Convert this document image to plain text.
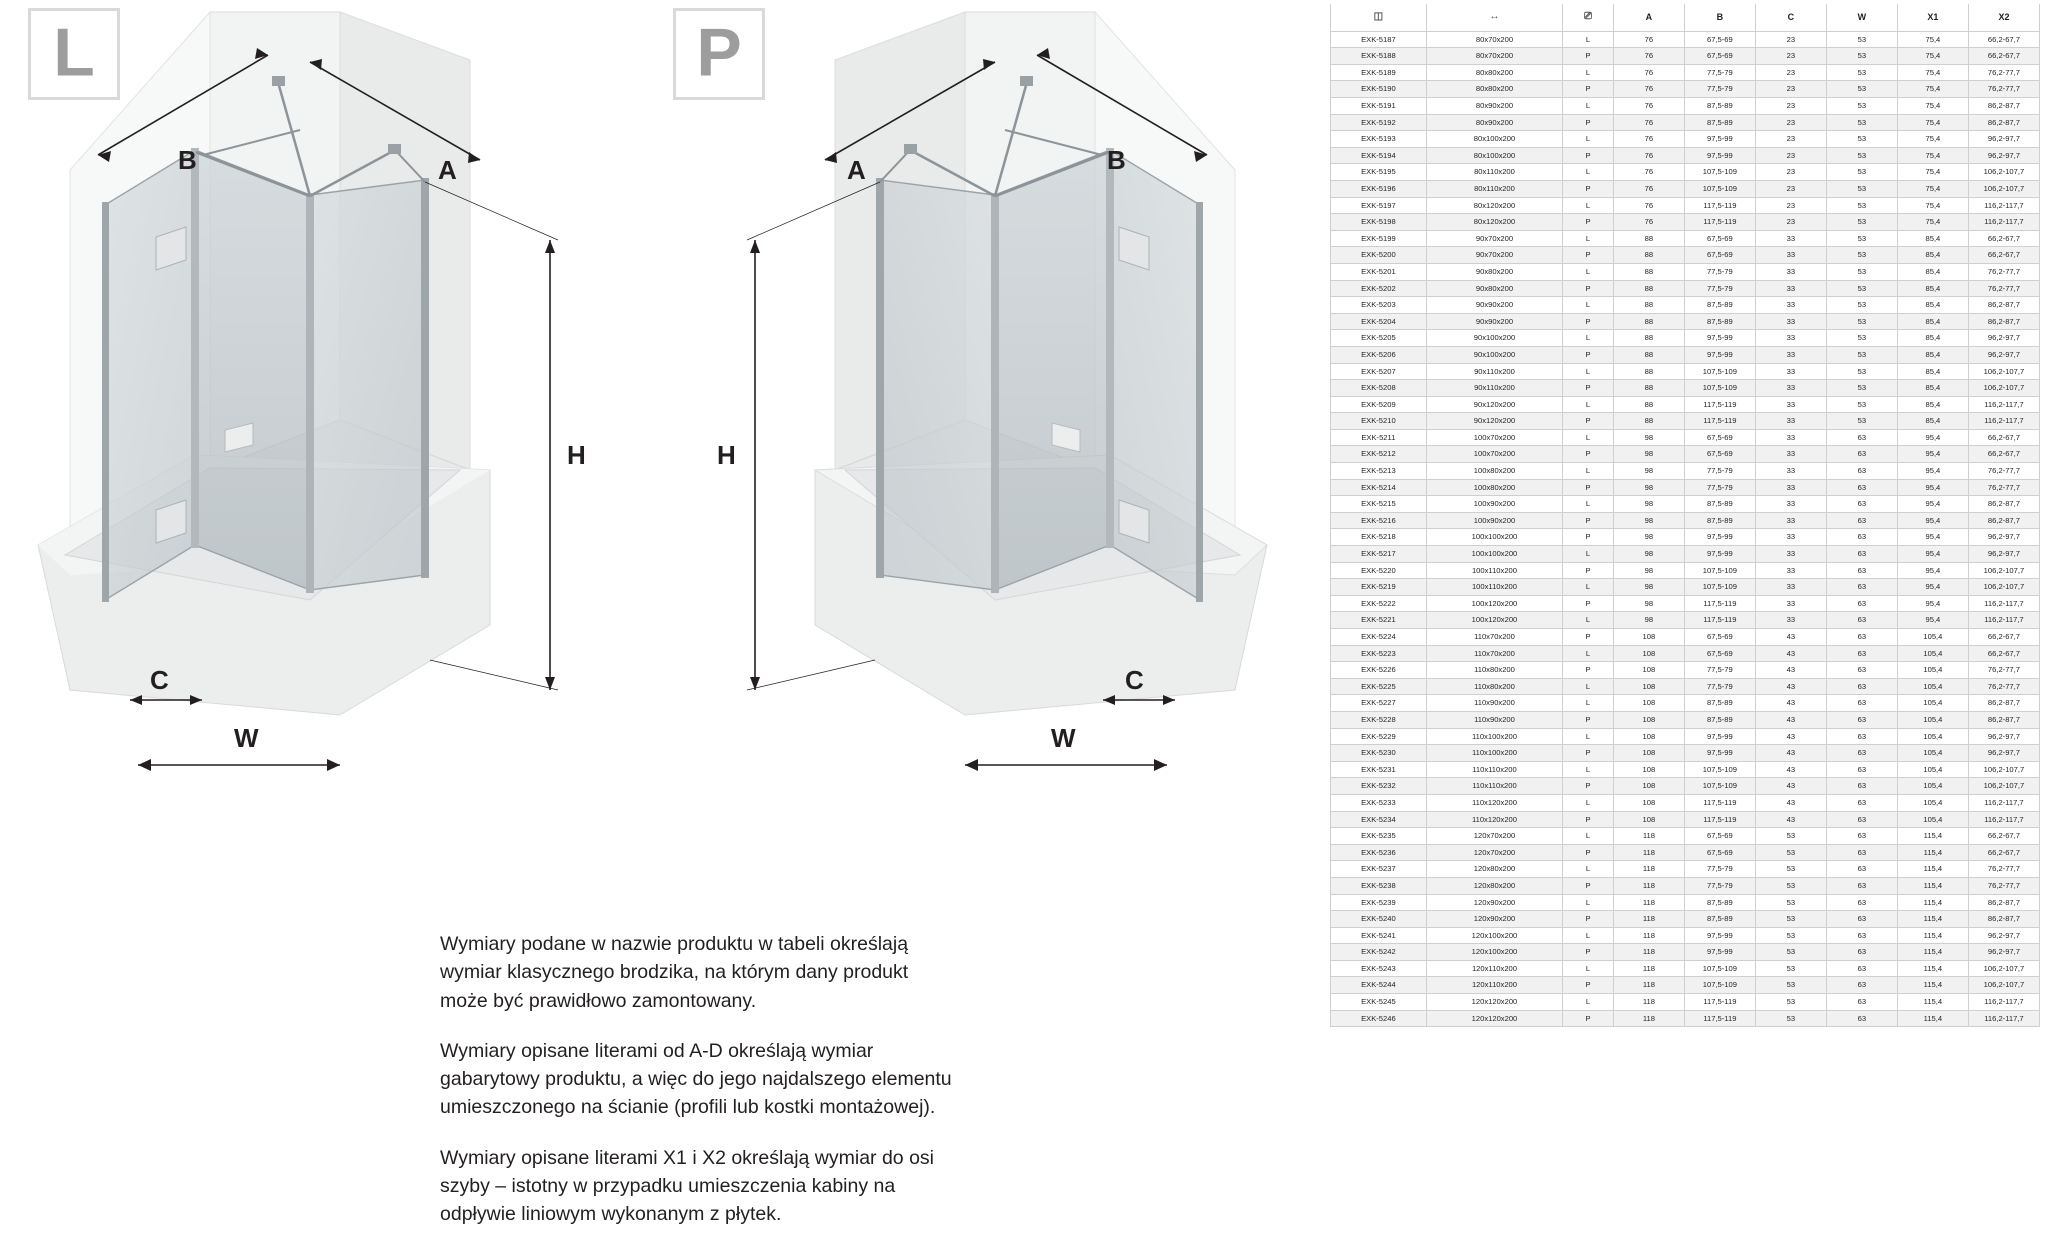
L
B	A
H
C
W
P
B
A
H
C
W

Wymiary podane w nazwie produktu w tabeli określają wymiar klasycznego brodzika, na którym dany produkt może być prawidłowo zamontowany.

Wymiary opisane literami od A-D określają wymiar gabarytowy produktu, a więc do jego najdalszego elementu umieszczonego na ścianie (profili lub kostki montażowej).

Wymiary opisane literami X1 i X2 określają wymiar do osi szyby – istotny w przypadku umieszczenia kabiny na odpływie liniowym wykonanym z płytek.

◫	↔	⎚	A	B	C	W	X1	X2
EXK-5187	80x70x200	L	76	67,5-69	23	53	75,4	66,2-67,7
EXK-5188	80x70x200	P	76	67,5-69	23	53	75,4	66,2-67,7
EXK-5189	80x80x200	L	76	77,5-79	23	53	75,4	76,2-77,7
EXK-5190	80x80x200	P	76	77,5-79	23	53	75,4	76,2-77,7
EXK-5191	80x90x200	L	76	87,5-89	23	53	75,4	86,2-87,7
EXK-5192	80x90x200	P	76	87,5-89	23	53	75,4	86,2-87,7
EXK-5193	80x100x200	L	76	97,5-99	23	53	75,4	96,2-97,7
EXK-5194	80x100x200	P	76	97,5-99	23	53	75,4	96,2-97,7
EXK-5195	80x110x200	L	76	107,5-109	23	53	75,4	106,2-107,7
EXK-5196	80x110x200	P	76	107,5-109	23	53	75,4	106,2-107,7
EXK-5197	80x120x200	L	76	117,5-119	23	53	75,4	116,2-117,7
EXK-5198	80x120x200	P	76	117,5-119	23	53	75,4	116,2-117,7
EXK-5199	90x70x200	L	88	67,5-69	33	53	85,4	66,2-67,7
EXK-5200	90x70x200	P	88	67,5-69	33	53	85,4	66,2-67,7
EXK-5201	90x80x200	L	88	77,5-79	33	53	85,4	76,2-77,7
EXK-5202	90x80x200	P	88	77,5-79	33	53	85,4	76,2-77,7
EXK-5203	90x90x200	L	88	87,5-89	33	53	85,4	86,2-87,7
EXK-5204	90x90x200	P	88	87,5-89	33	53	85,4	86,2-87,7
EXK-5205	90x100x200	L	88	97,5-99	33	53	85,4	96,2-97,7
EXK-5206	90x100x200	P	88	97,5-99	33	53	85,4	96,2-97,7
EXK-5207	90x110x200	L	88	107,5-109	33	53	85,4	106,2-107,7
EXK-5208	90x110x200	P	88	107,5-109	33	53	85,4	106,2-107,7
EXK-5209	90x120x200	L	88	117,5-119	33	53	85,4	116,2-117,7
EXK-5210	90x120x200	P	88	117,5-119	33	53	85,4	116,2-117,7
EXK-5211	100x70x200	L	98	67,5-69	33	63	95,4	66,2-67,7
EXK-5212	100x70x200	P	98	67,5-69	33	63	95,4	66,2-67,7
EXK-5213	100x80x200	L	98	77,5-79	33	63	95,4	76,2-77,7
EXK-5214	100x80x200	P	98	77,5-79	33	63	95,4	76,2-77,7
EXK-5215	100x90x200	L	98	87,5-89	33	63	95,4	86,2-87,7
EXK-5216	100x90x200	P	98	87,5-89	33	63	95,4	86,2-87,7
EXK-5218	100x100x200	P	98	97,5-99	33	63	95,4	96,2-97,7
EXK-5217	100x100x200	L	98	97,5-99	33	63	95,4	96,2-97,7
EXK-5220	100x110x200	P	98	107,5-109	33	63	95,4	106,2-107,7
EXK-5219	100x110x200	L	98	107,5-109	33	63	95,4	106,2-107,7
EXK-5222	100x120x200	P	98	117,5-119	33	63	95,4	116,2-117,7
EXK-5221	100x120x200	L	98	117,5-119	33	63	95,4	116,2-117,7
EXK-5224	110x70x200	P	108	67,5-69	43	63	105,4	66,2-67,7
EXK-5223	110x70x200	L	108	67,5-69	43	63	105,4	66,2-67,7
EXK-5226	110x80x200	P	108	77,5-79	43	63	105,4	76,2-77,7
EXK-5225	110x80x200	L	108	77,5-79	43	63	105,4	76,2-77,7
EXK-5227	110x90x200	L	108	87,5-89	43	63	105,4	86,2-87,7
EXK-5228	110x90x200	P	108	87,5-89	43	63	105,4	86,2-87,7
EXK-5229	110x100x200	L	108	97,5-99	43	63	105,4	96,2-97,7
EXK-5230	110x100x200	P	108	97,5-99	43	63	105,4	96,2-97,7
EXK-5231	110x110x200	L	108	107,5-109	43	63	105,4	106,2-107,7
EXK-5232	110x110x200	P	108	107,5-109	43	63	105,4	106,2-107,7
EXK-5233	110x120x200	L	108	117,5-119	43	63	105,4	116,2-117,7
EXK-5234	110x120x200	P	108	117,5-119	43	63	105,4	116,2-117,7
EXK-5235	120x70x200	L	118	67,5-69	53	63	115,4	66,2-67,7
EXK-5236	120x70x200	P	118	67,5-69	53	63	115,4	66,2-67,7
EXK-5237	120x80x200	L	118	77,5-79	53	63	115,4	76,2-77,7
EXK-5238	120x80x200	P	118	77,5-79	53	63	115,4	76,2-77,7
EXK-5239	120x90x200	L	118	87,5-89	53	63	115,4	86,2-87,7
EXK-5240	120x90x200	P	118	87,5-89	53	63	115,4	86,2-87,7
EXK-5241	120x100x200	L	118	97,5-99	53	63	115,4	96,2-97,7
EXK-5242	120x100x200	P	118	97,5-99	53	63	115,4	96,2-97,7
EXK-5243	120x110x200	L	118	107,5-109	53	63	115,4	106,2-107,7
EXK-5244	120x110x200	P	118	107,5-109	53	63	115,4	106,2-107,7
EXK-5245	120x120x200	L	118	117,5-119	53	63	115,4	116,2-117,7
EXK-5246	120x120x200	P	118	117,5-119	53	63	115,4	116,2-117,7
